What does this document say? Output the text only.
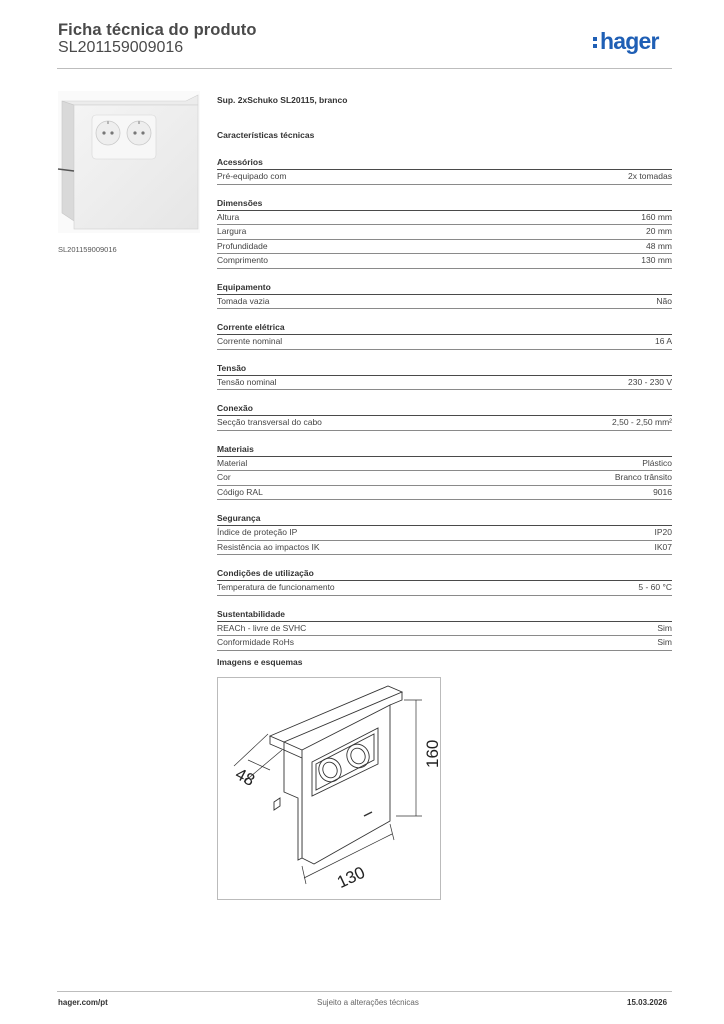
Ficha técnica do produto
SL201159009016	hager
SL201159009016
Sup. 2xSchuko SL20115, branco
Características técnicas
Acessórios
Pré-equipado com	2x tomadas
Dimensões
Altura	160 mm
Largura	20 mm
Profundidade	48 mm
Comprimento	130 mm
Equipamento
Tomada vazia	Não
Corrente elétrica
Corrente nominal	16 A
Tensão
Tensão nominal	230 - 230 V
Conexão
Secção transversal do cabo	2,50 - 2,50 mm²
Materiais
Material	Plástico
Cor	Branco trânsito
Código RAL	9016
Segurança
Índice de proteção IP	IP20
Resistência ao impactos IK	IK07
Condições de utilização
Temperatura de funcionamento	5 - 60 °C
Sustentabilidade
REACh - livre de SVHC	Sim
Conformidade RoHs	Sim
Imagens e esquemas
48
160
130
hager.com/pt	Sujeito a alterações técnicas	15.03.2026
